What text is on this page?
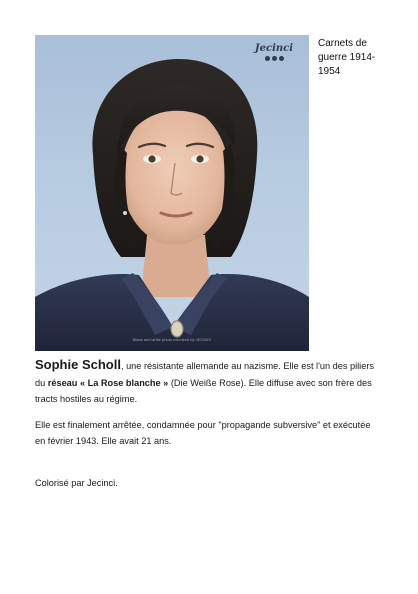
Jecinci
Black and white photo colorized by JECINCI
Carnets de
guerre 1914-
1954

Sophie Scholl, une résistante allemande au nazisme. Elle est l'un des piliers du réseau « La Rose blanche » (Die Weiße Rose). Elle diffuse avec son frère des tracts hostiles au régime.

Elle est finalement arrêtée, condamnée pour "propagande subversive" et exécutée en février 1943. Elle avait 21 ans.

Colorisé par Jecinci.
